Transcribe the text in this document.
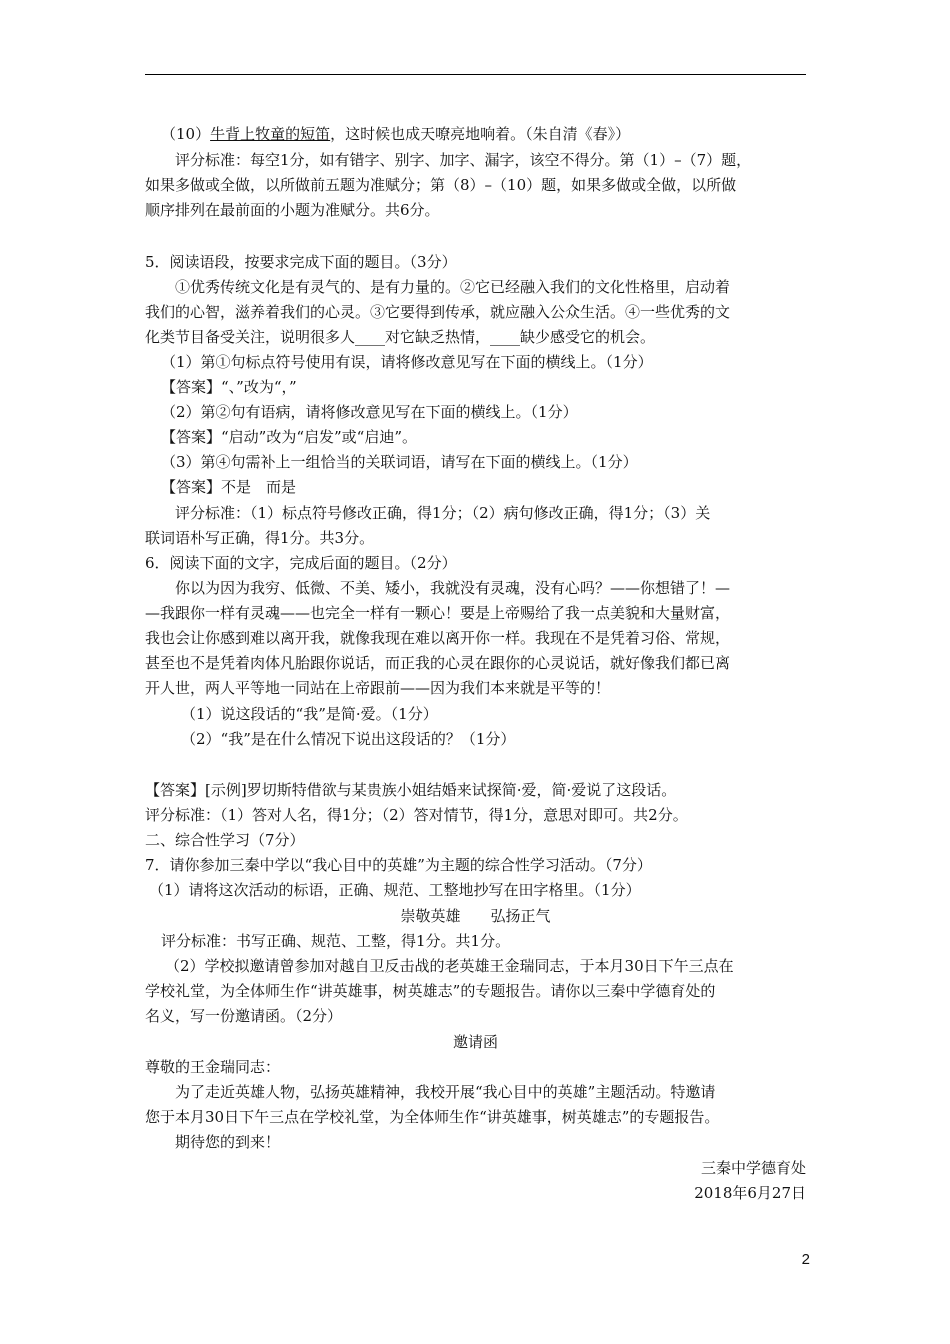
（10）牛背上牧童的短笛，这时候也成天嘹亮地响着。（朱自清《春》）
评分标准：每空1分，如有错字、别字、加字、漏字，该空不得分。第（1）–（7）题，
如果多做或全做，以所做前五题为准赋分；第（8）–（10）题，如果多做或全做，以所做
顺序排列在最前面的小题为准赋分。共6分。
5．阅读语段，按要求完成下面的题目。（3分）
①优秀传统文化是有灵气的、是有力量的。②它已经融入我们的文化性格里，启动着
我们的心智，滋养着我们的心灵。③它要得到传承，就应融入公众生活。④一些优秀的文
化类节目备受关注，说明很多人____对它缺乏热情，____缺少感受它的机会。
（1）第①句标点符号使用有误，请将修改意见写在下面的横线上。（1分）
【答案】“、”改为“，”
（2）第②句有语病，请将修改意见写在下面的横线上。（1分）
【答案】“启动”改为“启发”或“启迪”。
（3）第④句需补上一组恰当的关联词语，请写在下面的横线上。（1分）
【答案】不是　而是
评分标准：（1）标点符号修改正确，得1分；（2）病句修改正确，得1分；（3）关
联词语朴写正确，得1分。共3分。
6．阅读下面的文字，完成后面的题目。（2分）
你以为因为我穷、低微、不美、矮小，我就没有灵魂，没有心吗？——你想错了！—
—我跟你一样有灵魂——也完全一样有一颗心！要是上帝赐给了我一点美貌和大量财富，
我也会让你感到难以离开我，就像我现在难以离开你一样。我现在不是凭着习俗、常规，
甚至也不是凭着肉体凡胎跟你说话，而正我的心灵在跟你的心灵说话，就好像我们都已离
开人世，两人平等地一同站在上帝跟前——因为我们本来就是平等的！
（1）说这段话的“我”是简·爱。（1分）
（2）“我”是在什么情况下说出这段话的？（1分）
【答案】[示例]罗切斯特借欲与某贵族小姐结婚来试探简·爱，简·爱说了这段话。
评分标准：（1）答对人名，得1分；（2）答对情节，得1分，意思对即可。共2分。
二、综合性学习（7分）
7．请你参加三秦中学以“我心目中的英雄”为主题的综合性学习活动。（7分）
（1）请将这次活动的标语，正确、规范、工整地抄写在田字格里。（1分）
崇敬英雄　　弘扬正气
评分标准：书写正确、规范、工整，得1分。共1分。
（2）学校拟邀请曾参加对越自卫反击战的老英雄王金瑞同志，于本月30日下午三点在
学校礼堂，为全体师生作“讲英雄事，树英雄志”的专题报告。请你以三秦中学德育处的
名义，写一份邀请函。（2分）
邀请函
尊敬的王金瑞同志：
为了走近英雄人物，弘扬英雄精神，我校开展“我心目中的英雄”主题活动。特邀请
您于本月30日下午三点在学校礼堂，为全体师生作“讲英雄事，树英雄志”的专题报告。
期待您的到来！
三秦中学德育处
2018年6月27日
2
